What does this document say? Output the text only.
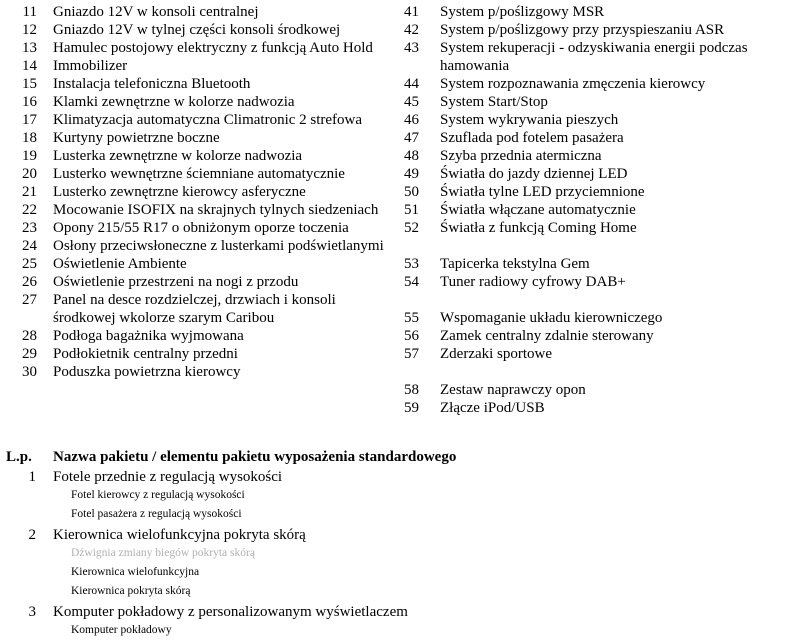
11 Gniazdo 12V w konsoli centralnej
12 Gniazdo 12V w tylnej części konsoli środkowej
13 Hamulec postojowy elektryczny z funkcją Auto Hold
14 Immobilizer
15 Instalacja telefoniczna Bluetooth
16 Klamki zewnętrzne w kolorze nadwozia
17 Klimatyzacja automatyczna Climatronic 2 strefowa
18 Kurtyny powietrzne boczne
19 Lusterka zewnętrzne w kolorze nadwozia
20 Lusterko wewnętrzne ściemniane automatycznie
21 Lusterko zewnętrzne kierowcy asferyczne
22 Mocowanie ISOFIX na skrajnych tylnych siedzeniach
23 Opony 215/55 R17 o obniżonym oporze toczenia
24 Osłony przeciwsłoneczne z lusterkami podświetlanymi
25 Oświetlenie Ambiente
26 Oświetlenie przestrzeni na nogi z przodu
27 Panel na desce rozdzielczej, drzwiach i konsoli środkowej wkolorze szarym Caribou
28 Podłoga bagażnika wyjmowana
29 Podłokietnik centralny przedni
30 Poduszka powietrzna kierowcy
41	System p/poślizgowy MSR
42	System p/poślizgowy przy przyspieszaniu ASR
43	System rekuperacji - odzyskiwania energii podczas hamowania
44	System rozpoznawania zmęczenia kierowcy
45	System Start/Stop
46	System wykrywania pieszych
47	Szuflada pod fotelem pasażera
48	Szyba przednia atermiczna
49	Światła do jazdy dziennej LED
50	Światła tylne LED przyciemnione
51	Światła włączane automatycznie
52	Światła z funkcją Coming Home
53	Tapicerka tekstylna Gem
54	Tuner radiowy cyfrowy DAB+
55	Wspomaganie układu kierowniczego
56	Zamek centralny zdalnie sterowany
57	Zderzaki sportowe
58	Zestaw naprawczy opon
59	Złącze iPod/USB
L.p.	Nazwa pakietu / elementu pakietu wyposażenia standardowego
1 Fotele przednie z regulacją wysokości
Fotel kierowcy z regulacją wysokości
Fotel pasażera z regulacją wysokości
2 Kierownica wielofunkcyjna pokryta skórą
Dźwignia zmiany biegów pokryta skórą
Kierownica wielofunkcyjna
Kierownica pokryta skórą
3 Komputer pokładowy z personalizowanym wyświetlaczem
Komputer pokładowy
